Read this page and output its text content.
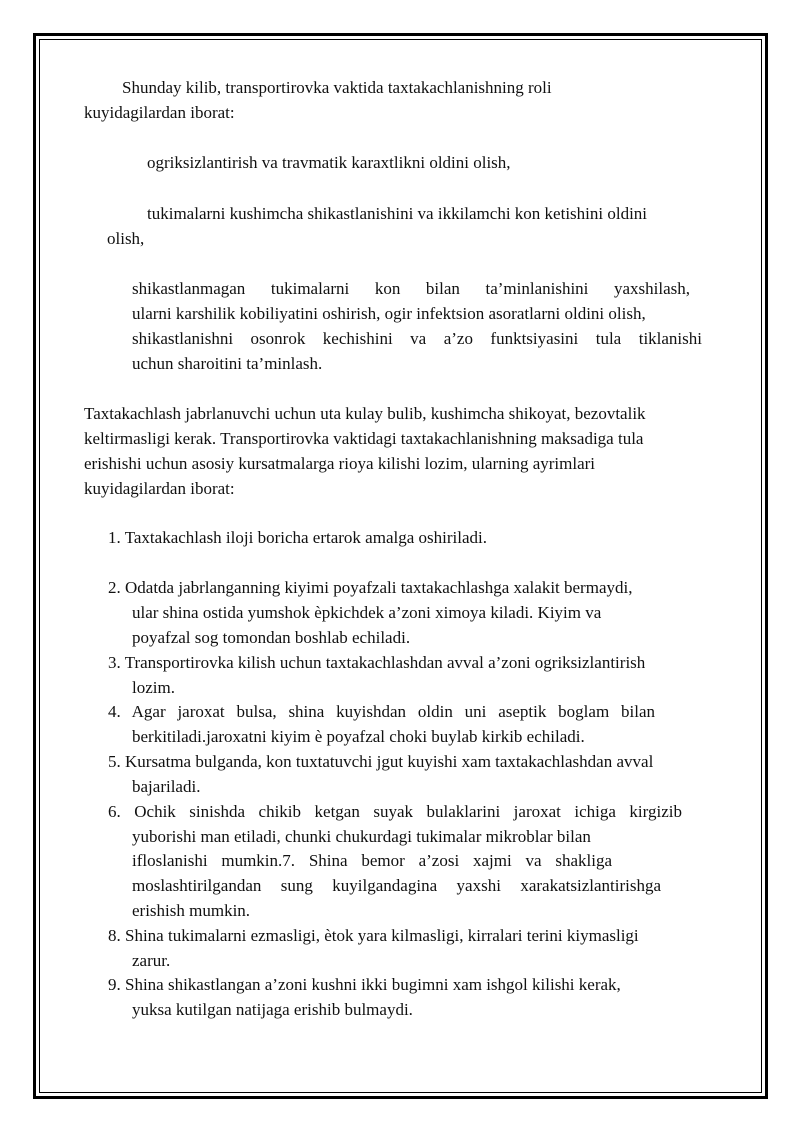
Shunday kilib, transportirovka vaktida taxtakachlanishning roli

kuyidagilardan iborat:

ogriksizlantirish va travmatik karaxtlikni oldini olish,

tukimalarni kushimcha shikastlanishini va ikkilamchi kon ketishini oldini

olish,

shikastlanmagan tukimalarni kon bilan ta’minlanishini yaxshilash,

ularni karshilik kobiliyatini oshirish, ogir infektsion asoratlarni oldini olish,

shikastlanishni osonrok kechishini va a’zo funktsiyasini tula tiklanishi

uchun sharoitini ta’minlash.

Taxtakachlash jabrlanuvchi uchun uta kulay bulib, kushimcha shikoyat, bezovtalik

keltirmasligi kerak. Transportirovka vaktidagi taxtakachlanishning maksadiga tula

erishishi uchun asosiy kursatmalarga rioya kilishi lozim, ularning ayrimlari

kuyidagilardan iborat:

1. Taxtakachlash iloji boricha ertarok amalga oshiriladi.

2. Odatda jabrlanganning kiyimi poyafzali taxtakachlashga xalakit bermaydi,

ular shina ostida yumshok èpkichdek a’zoni ximoya kiladi. Kiyim va

poyafzal sog tomondan boshlab echiladi.

3. Transportirovka kilish uchun taxtakachlashdan avval a’zoni ogriksizlantirish

lozim.

4. Agar jaroxat bulsa, shina kuyishdan oldin uni aseptik boglam bilan

berkitiladi.jaroxatni kiyim è poyafzal choki buylab kirkib echiladi.

5. Kursatma bulganda, kon tuxtatuvchi jgut kuyishi xam taxtakachlashdan avval

bajariladi.

6. Ochik sinishda chikib ketgan suyak bulaklarini jaroxat ichiga kirgizib

yuborishi man etiladi, chunki chukurdagi tukimalar mikroblar bilan

ifloslanishi mumkin.7. Shina bemor a’zosi xajmi va shakliga

moslashtirilgandan sung kuyilgandagina yaxshi xarakatsizlantirishga

erishish mumkin.

8. Shina tukimalarni ezmasligi, ètok yara kilmasligi, kirralari terini kiymasligi

zarur.

9. Shina shikastlangan a’zoni kushni ikki bugimni xam ishgol kilishi kerak,

yuksa kutilgan natijaga erishib bulmaydi.
